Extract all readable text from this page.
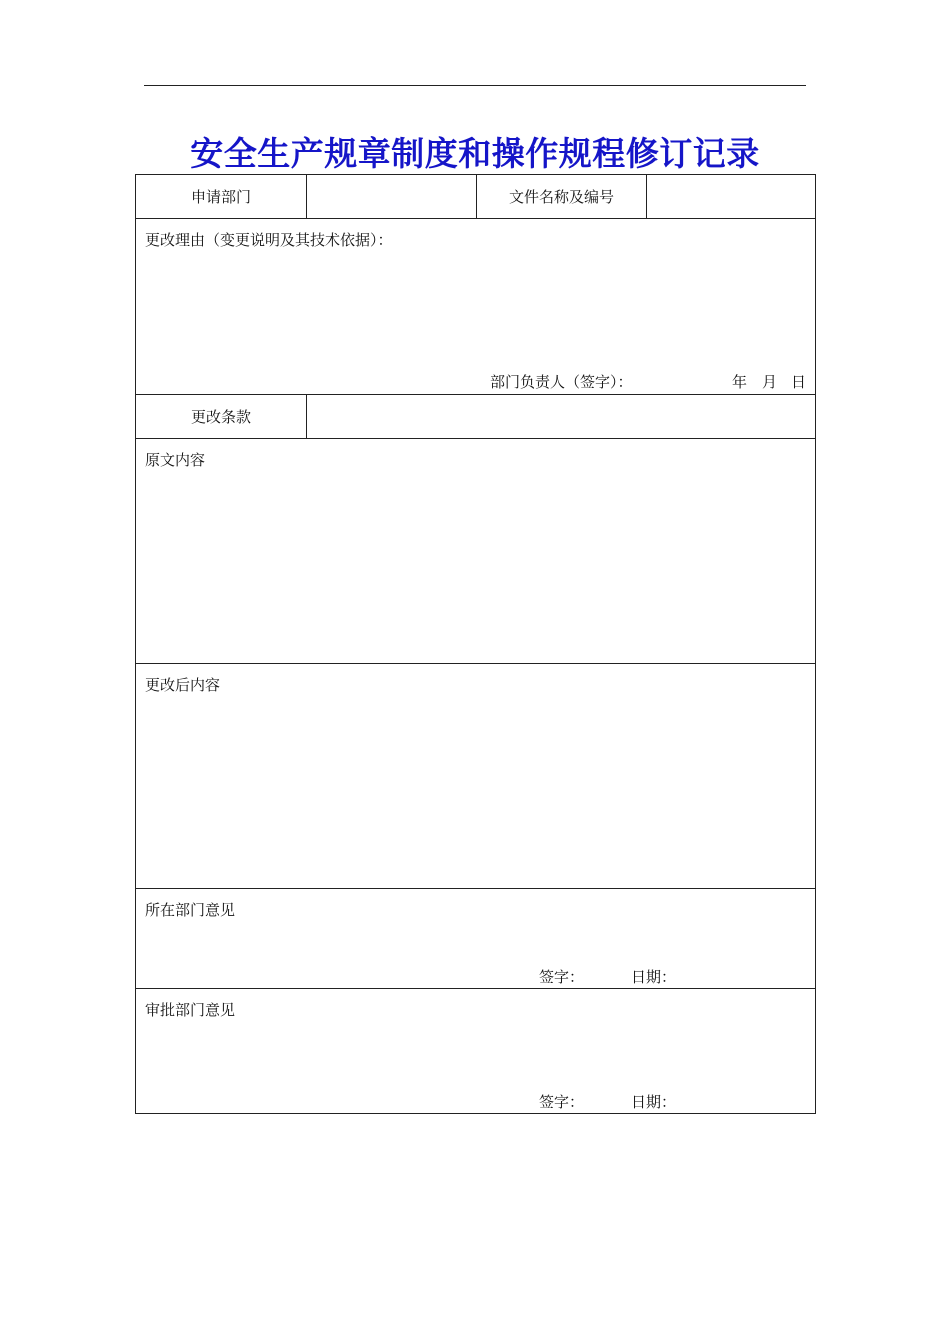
安全生产规章制度和操作规程修订记录
申请部门	文件名称及编号
更改理由（变更说明及其技术依据）：
部门负责人（签字）：	年 月 日
更改条款
原文内容
更改后内容
所在部门意见
签字：	日期：
审批部门意见
签字：	日期：
